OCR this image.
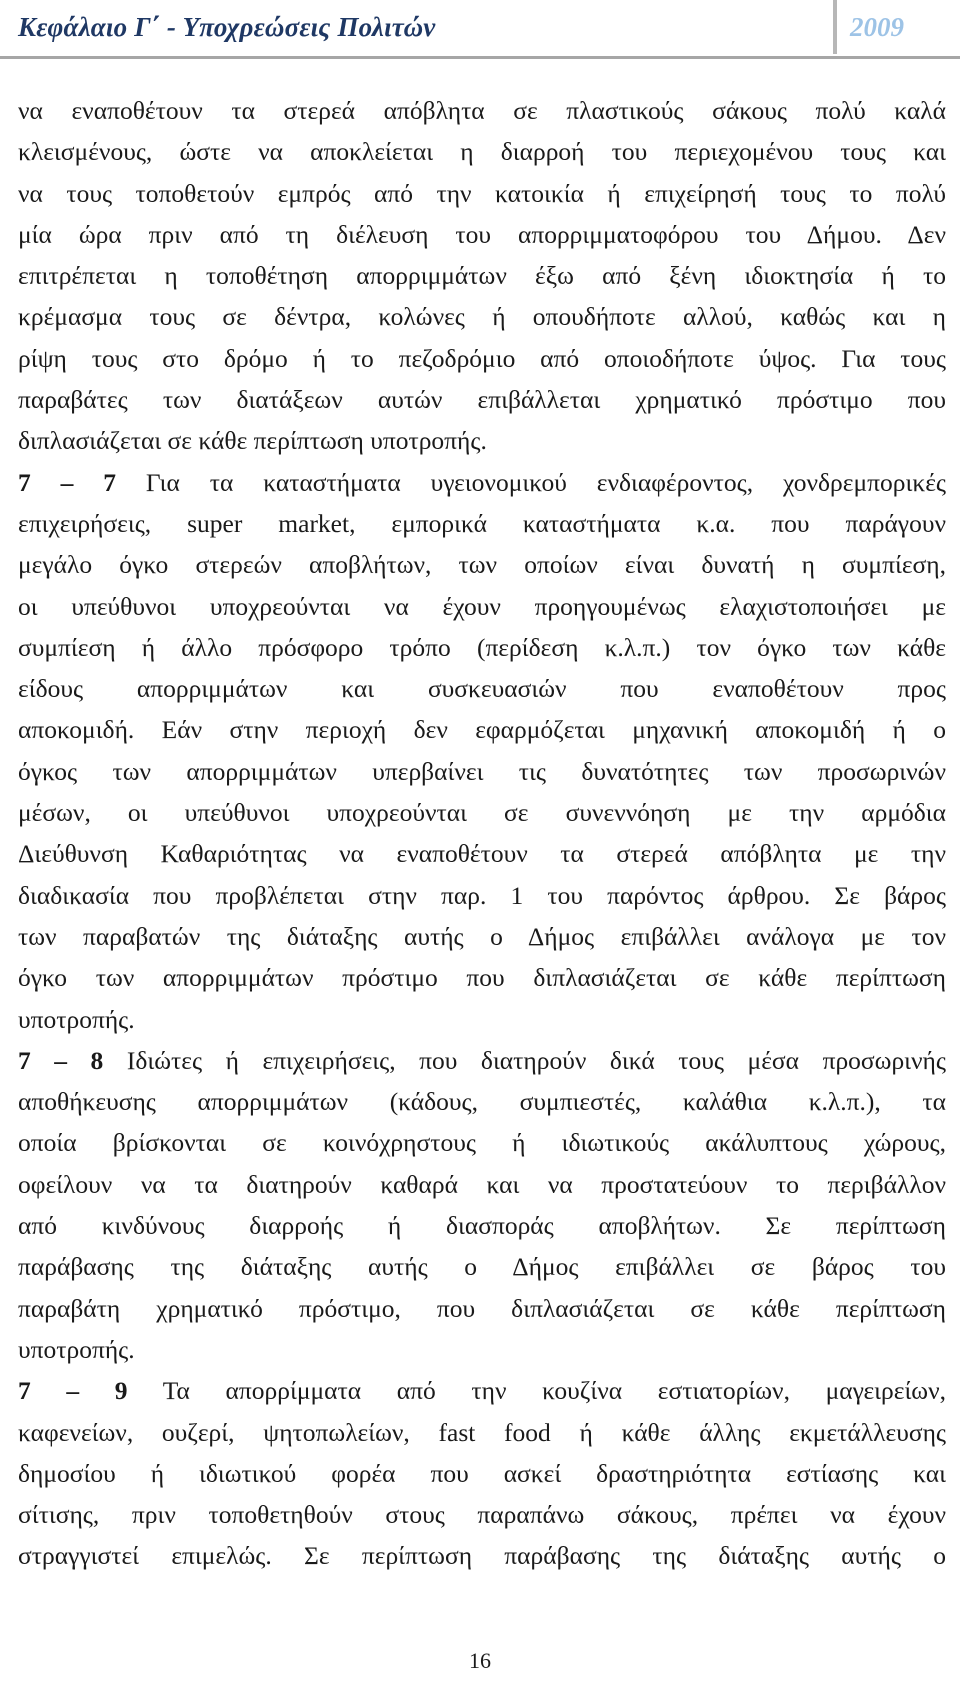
Κεφάλαιο Γ΄ - Υποχρεώσεις Πολιτών	2009
να εναποθέτουν τα στερεά απόβλητα σε πλαστικούς σάκους πολύ καλά
κλεισμένους, ώστε να αποκλείεται η διαρροή του περιεχομένου τους και
να τους τοποθετούν εμπρός από την κατοικία ή επιχείρησή τους το πολύ
μία ώρα πριν από τη διέλευση του απορριμματοφόρου του Δήμου. Δεν
επιτρέπεται η τοποθέτηση απορριμμάτων έξω από ξένη ιδιοκτησία ή το
κρέμασμα τους σε δέντρα, κολώνες ή οπουδήποτε αλλού, καθώς και η
ρίψη τους στο δρόμο ή το πεζοδρόμιο από οποιοδήποτε ύψος. Για τους
παραβάτες των διατάξεων αυτών επιβάλλεται χρηματικό πρόστιμο που
διπλασιάζεται σε κάθε περίπτωση υποτροπής.
7 – 7 Για τα καταστήματα υγειονομικού ενδιαφέροντος, χονδρεμπορικές
επιχειρήσεις, super market, εμπορικά καταστήματα κ.α. που παράγουν
μεγάλο όγκο στερεών αποβλήτων, των οποίων είναι δυνατή η συμπίεση,
οι υπεύθυνοι υποχρεούνται να έχουν προηγουμένως ελαχιστοποιήσει με
συμπίεση ή άλλο πρόσφορο τρόπο (περίδεση κ.λ.π.) τον όγκο των κάθε
είδους απορριμμάτων και συσκευασιών που εναποθέτουν προς
αποκομιδή. Εάν στην περιοχή δεν εφαρμόζεται μηχανική αποκομιδή ή ο
όγκος των απορριμμάτων υπερβαίνει τις δυνατότητες των προσωρινών
μέσων, οι υπεύθυνοι υποχρεούνται σε συνεννόηση με την αρμόδια
Διεύθυνση Καθαριότητας να εναποθέτουν τα στερεά απόβλητα με την
διαδικασία που προβλέπεται στην παρ. 1 του παρόντος άρθρου. Σε βάρος
των παραβατών της διάταξης αυτής ο Δήμος επιβάλλει ανάλογα με τον
όγκο των απορριμμάτων πρόστιμο που διπλασιάζεται σε κάθε περίπτωση
υποτροπής.
7 – 8 Ιδιώτες ή επιχειρήσεις, που διατηρούν δικά τους μέσα προσωρινής
αποθήκευσης απορριμμάτων (κάδους, συμπιεστές, καλάθια κ.λ.π.), τα
οποία βρίσκονται σε κοινόχρηστους ή ιδιωτικούς ακάλυπτους χώρους,
οφείλουν να τα διατηρούν καθαρά και να προστατεύουν το περιβάλλον
από κινδύνους διαρροής ή διασποράς αποβλήτων. Σε περίπτωση
παράβασης της διάταξης αυτής ο Δήμος επιβάλλει σε βάρος του
παραβάτη χρηματικό πρόστιμο, που διπλασιάζεται σε κάθε περίπτωση
υποτροπής.
7 – 9 Τα απορρίμματα από την κουζίνα εστιατορίων, μαγειρείων,
καφενείων, ουζερί, ψητοπωλείων, fast food ή κάθε άλλης εκμετάλλευσης
δημοσίου ή ιδιωτικού φορέα που ασκεί δραστηριότητα εστίασης και
σίτισης, πριν τοποθετηθούν στους παραπάνω σάκους, πρέπει να έχουν
στραγγιστεί επιμελώς. Σε περίπτωση παράβασης της διάταξης αυτής ο
16
